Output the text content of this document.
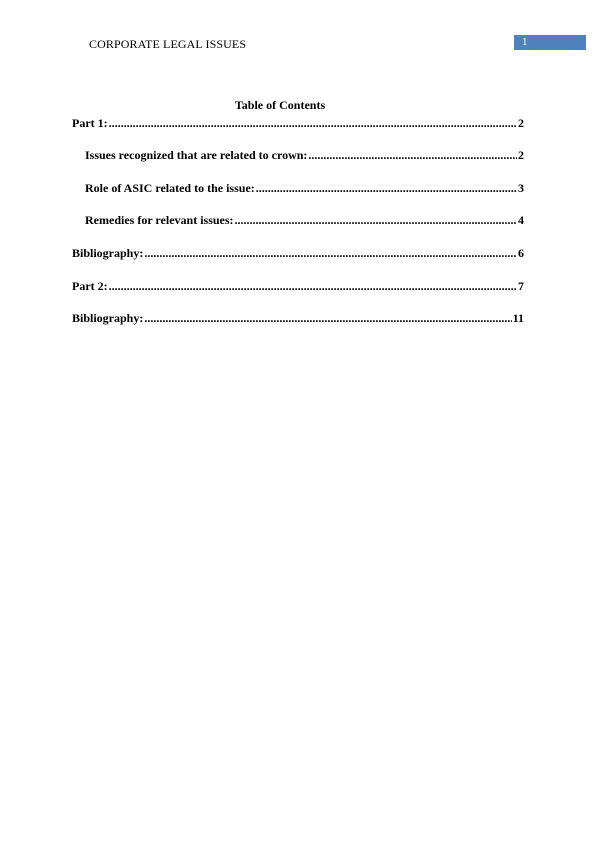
CORPORATE LEGAL ISSUES	1
Table of Contents
Part 1: .....	2
Issues recognized that are related to crown: .....	2
Role of ASIC related to the issue: .....	3
Remedies for relevant issues: .....	4
Bibliography: .....	6
Part 2: .....	7
Bibliography: .....	11
